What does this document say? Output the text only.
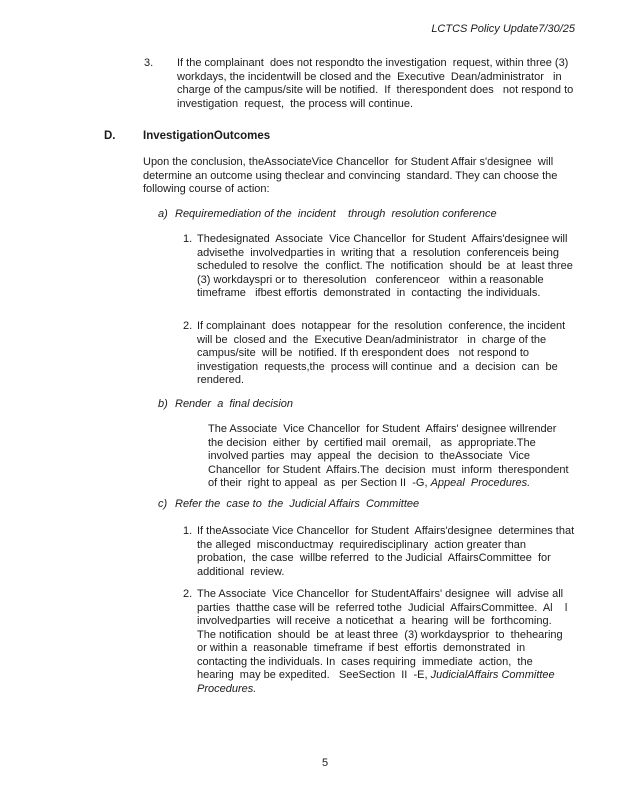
LCTCS Policy Update7/30/25
3.	If the complainant  does not respondto the investigation  request, within three (3) workdays, the incidentwill be closed and the  Executive  Dean/administrator   in charge of the campus/site will be notified.  If  therespondent does   not respond to investigation  request,  the process will continue.
D.	InvestigationOutcomes
Upon the conclusion, theAssociateVice Chancellor  for Student Affair s'designee  will determine an outcome using theclear and convincing  standard. They can choose the following course of action:
a) Requiremediation of the  incident    through  resolution conference
1. Thedesignated  Associate  Vice Chancellor  for Student  Affairs'designee will advisethe  involvedparties in  writing that  a  resolution  conferenceis being  scheduled to resolve  the  conflict. The  notification  should  be  at  least three (3) workdayspri or to  theresolution   conferenceor   within a reasonable  timeframe   ifbest effortis  demonstrated  in  contacting  the individuals.
2. If complainant  does  notappear  for the  resolution  conference, the incident will be  closed and  the  Executive Dean/administrator   in  charge of the campus/site  will be  notified. If th erespondent does   not respond to investigation  requests,the  process will continue  and  a  decision  can  be rendered.
b) Render  a  final decision
The Associate  Vice Chancellor  for Student  Affairs' designee willrender  the decision  either  by  certified mail  oremail,   as  appropriate.The   involved parties  may  appeal  the  decision  to  theAssociate  Vice Chancellor  for Student  Affairs.The  decision  must  inform  therespondent   of their  right to appeal  as  per Section II  -G, Appeal  Procedures.
c) Refer the  case to  the  Judicial Affairs  Committee
1. If theAssociate Vice Chancellor  for Student  Affairs'designee  determines that the alleged  misconductmay  requiredisciplinary  action greater than probation,  the case  willbe referred  to the Judicial  AffairsCommittee  for additional  review.
2. The Associate  Vice Chancellor  for StudentAffairs' designee  will  advise all parties  thatthe case will be  referred tothe  Judicial  AffairsCommittee.  Al    l involvedparties  will receive  a noticethat  a  hearing  will be  forthcoming.  The notification  should  be  at least three  (3) workdaysprior  to  thehearing  or within a  reasonable  timeframe  if best  effortis  demonstrated  in  contacting the individuals. In  cases requiring  immediate  action,  the  hearing  may be expedited.   SeeSection  II  -E, JudicialAffairs Committee   Procedures.
5
